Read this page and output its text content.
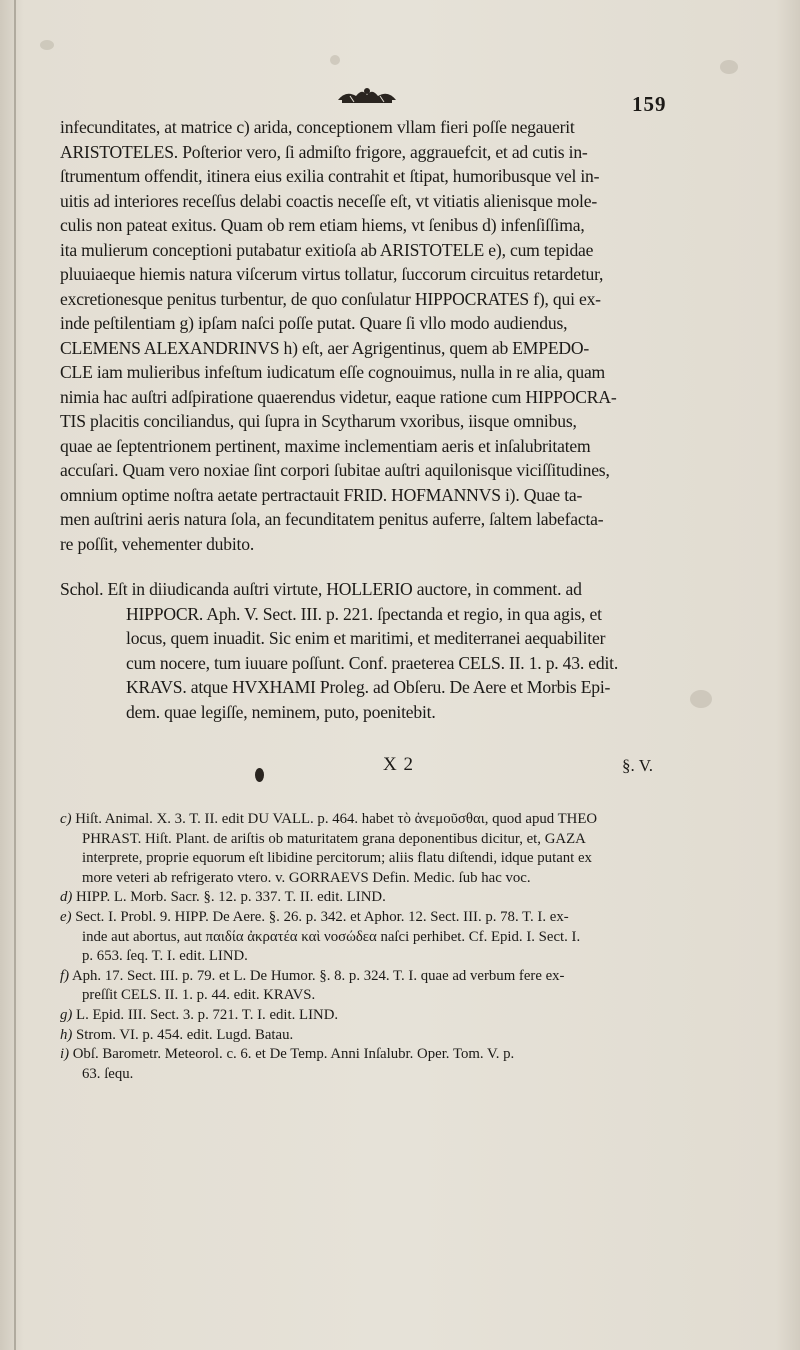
159
infecunditates, at matrice c) arida, conceptionem vllam fieri poſſe negauerit
ARISTOTELES. Poſterior vero, ſi admiſto frigore, aggrauefcit, et ad cutis in-
ſtrumentum offendit, itinera eius exilia contrahit et ſtipat, humoribusque vel in-
uitis ad interiores receſſus delabi coactis neceſſe eſt, vt vitiatis alienisque mole-
culis non pateat exitus. Quam ob rem etiam hiems, vt ſenibus d) infenſiſſima,
ita mulierum conceptioni putabatur exitioſa ab ARISTOTELE e), cum tepidae
pluuiaeque hiemis natura viſcerum virtus tollatur, ſuccorum circuitus retardetur,
excretionesque penitus turbentur, de quo conſulatur HIPPOCRATES f), qui ex-
inde peſtilentiam g) ipſam naſci poſſe putat. Quare ſi vllo modo audiendus,
CLEMENS ALEXANDRINVS h) eſt, aer Agrigentinus, quem ab EMPEDO-
CLE iam mulieribus infeſtum iudicatum eſſe cognouimus, nulla in re alia, quam
nimia hac auſtri adſpiratione quaerendus videtur, eaque ratione cum HIPPOCRA-
TIS placitis conciliandus, qui ſupra in Scytharum vxoribus, iisque omnibus,
quae ae ſeptentrionem pertinent, maxime inclementiam aeris et inſalubritatem
accuſari. Quam vero noxiae ſint corpori ſubitae auſtri aquilonisque viciſſitudines,
omnium optime noſtra aetate pertractauit FRID. HOFMANNVS i). Quae ta-
men auſtrini aeris natura ſola, an fecunditatem penitus auferre, ſaltem labefacta-
re poſſit, vehementer dubito.
Schol. Eſt in diiudicanda auſtri virtute, HOLLERIO auctore, in comment. ad
HIPPOCR. Aph. V. Sect. III. p. 221. ſpectanda et regio, in qua agis, et
locus, quem inuadit. Sic enim et maritimi, et mediterranei aequabiliter
cum nocere, tum iuuare poſſunt. Conf. praeterea CELS. II. 1. p. 43. edit.
KRAVS. atque HVXHAMI Proleg. ad Obſeru. De Aere et Morbis Epi-
dem. quae legiſſe, neminem, puto, poenitebit.
X 2	§. V.
c) Hiſt. Animal. X. 3. T. II. edit DU VALL. p. 464. habet τὸ ἀνεμοῦσθαι, quod apud THEO
PHRAST. Hiſt. Plant. de ariſtis ob maturitatem grana deponentibus dicitur, et, GAZA
interprete, proprie equorum eſt libidine percitorum; aliis flatu diſtendi, idque putant ex
more veteri ab refrigerato vtero. v. GORRAEVS Defin. Medic. ſub hac voc.
d) HIPP. L. Morb. Sacr. §. 12. p. 337. T. II. edit. LIND.
e) Sect. I. Probl. 9. HIPP. De Aere. §. 26. p. 342. et Aphor. 12. Sect. III. p. 78. T. I. ex-
inde aut abortus, aut παιδία ἀκρατέα καὶ νοσώδεα naſci perhibet. Cf. Epid. I. Sect. I.
p. 653. ſeq. T. I. edit. LIND.
f) Aph. 17. Sect. III. p. 79. et L. De Humor. §. 8. p. 324. T. I. quae ad verbum fere ex-
preſſit CELS. II. 1. p. 44. edit. KRAVS.
g) L. Epid. III. Sect. 3. p. 721. T. I. edit. LIND.
h) Strom. VI. p. 454. edit. Lugd. Batau.
i) Obſ. Barometr. Meteorol. c. 6. et De Temp. Anni Inſalubr. Oper. Tom. V. p.
63. ſequ.
